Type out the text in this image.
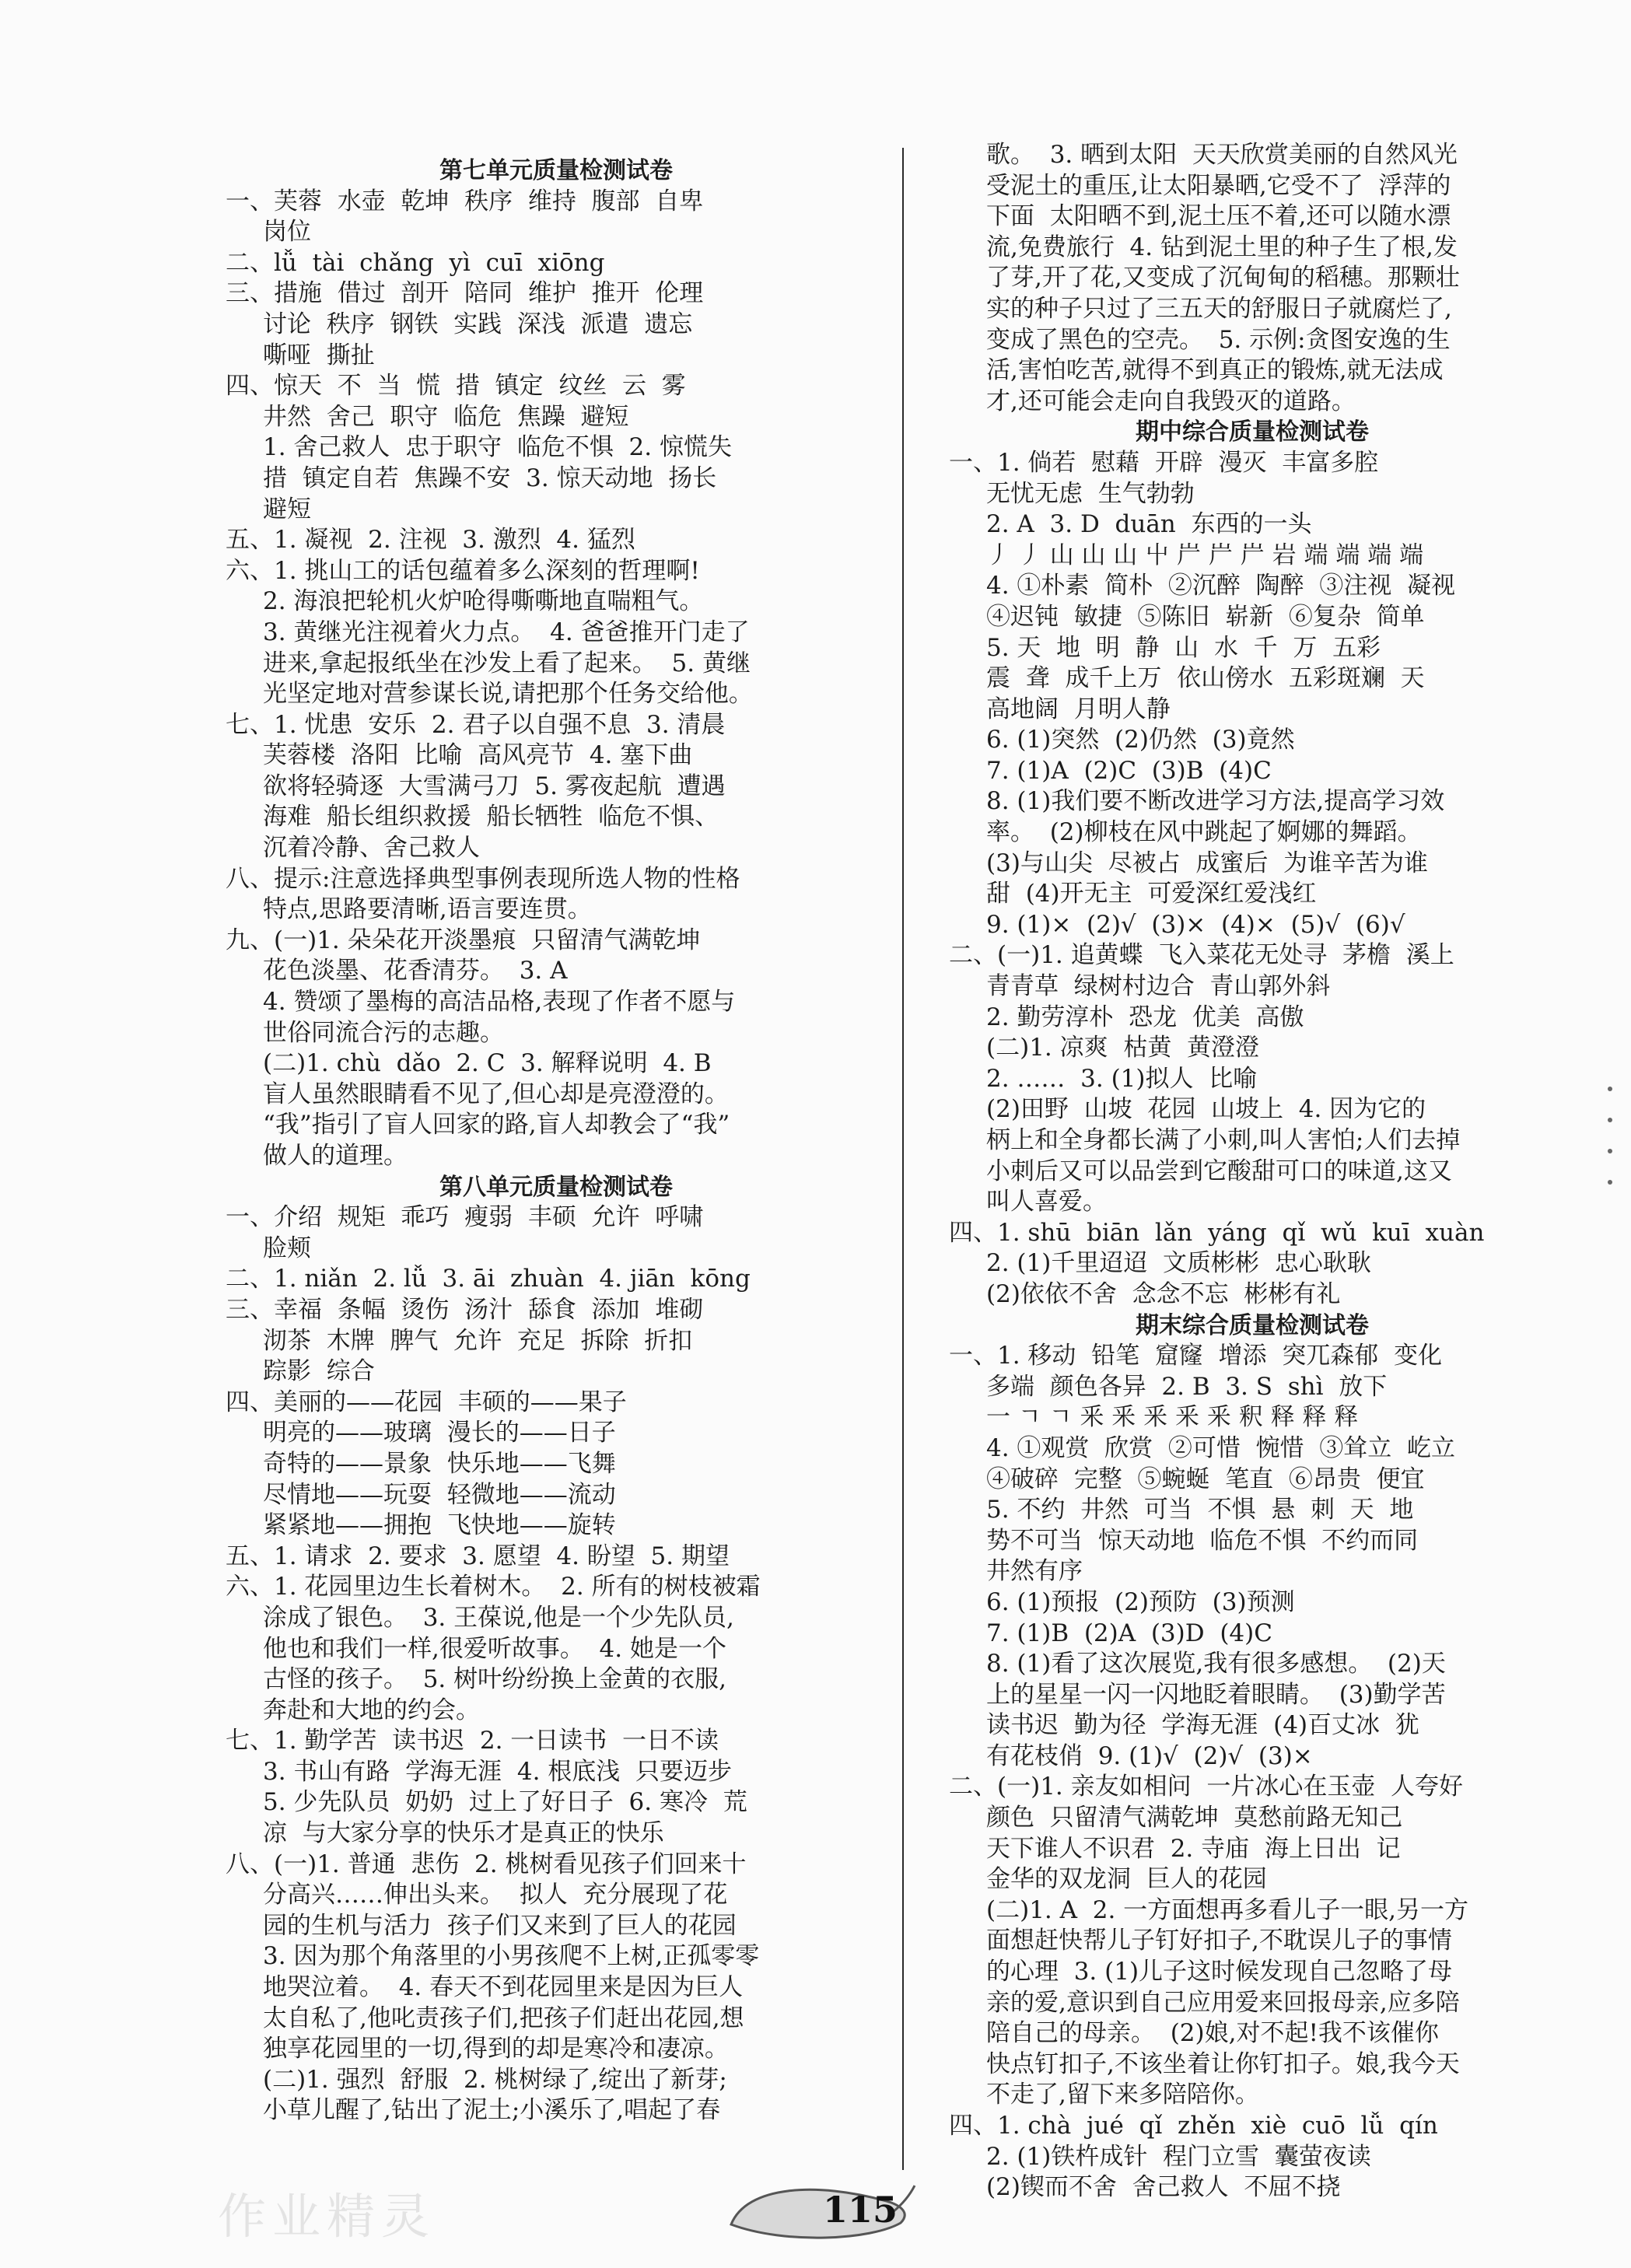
第七单元质量检测试卷
一、芙蓉  水壶  乾坤  秩序  维持  腹部  自卑
岗位
二、lǚ  tài  chǎng  yì  cuī  xiōng
三、措施  借过  剖开  陪同  维护  推开  伦理
讨论  秩序  钢铁  实践  深浅  派遣  遗忘
嘶哑  撕扯
四、惊天  不  当  慌  措  镇定  纹丝  云  雾
井然  舍己  职守  临危  焦躁  避短
1. 舍己救人  忠于职守  临危不惧  2. 惊慌失
措  镇定自若  焦躁不安  3. 惊天动地  扬长
避短
五、1. 凝视  2. 注视  3. 激烈  4. 猛烈
六、1. 挑山工的话包蕴着多么深刻的哲理啊!
2. 海浪把轮机火炉呛得嘶嘶地直喘粗气。
3. 黄继光注视着火力点。  4. 爸爸推开门走了
进来,拿起报纸坐在沙发上看了起来。  5. 黄继
光坚定地对营参谋长说,请把那个任务交给他。
七、1. 忧患  安乐  2. 君子以自强不息  3. 清晨
芙蓉楼  洛阳  比喻  高风亮节  4. 塞下曲
欲将轻骑逐  大雪满弓刀  5. 雾夜起航  遭遇
海难  船长组织救援  船长牺牲  临危不惧、
沉着冷静、舍己救人
八、提示:注意选择典型事例表现所选人物的性格
特点,思路要清晰,语言要连贯。
九、(一)1. 朵朵花开淡墨痕  只留清气满乾坤
花色淡墨、花香清芬。  3. A
4. 赞颂了墨梅的高洁品格,表现了作者不愿与
世俗同流合污的志趣。
(二)1. chù  dǎo  2. C  3. 解释说明  4. B
盲人虽然眼睛看不见了,但心却是亮澄澄的。
“我”指引了盲人回家的路,盲人却教会了“我”
做人的道理。
第八单元质量检测试卷
一、介绍  规矩  乖巧  瘦弱  丰硕  允许  呼啸
脸颊
二、1. niǎn  2. lǚ  3. āi  zhuàn  4. jiān  kōng
三、幸福  条幅  烫伤  汤汁  舔食  添加  堆砌
沏茶  木牌  脾气  允许  充足  拆除  折扣
踪影  综合
四、美丽的——花园  丰硕的——果子
明亮的——玻璃  漫长的——日子
奇特的——景象  快乐地——飞舞
尽情地——玩耍  轻微地——流动
紧紧地——拥抱  飞快地——旋转
五、1. 请求  2. 要求  3. 愿望  4. 盼望  5. 期望
六、1. 花园里边生长着树木。  2. 所有的树枝被霜
涂成了银色。  3. 王葆说,他是一个少先队员,
他也和我们一样,很爱听故事。  4. 她是一个
古怪的孩子。  5. 树叶纷纷换上金黄的衣服,
奔赴和大地的约会。
七、1. 勤学苦  读书迟  2. 一日读书  一日不读
3. 书山有路  学海无涯  4. 根底浅  只要迈步
5. 少先队员  奶奶  过上了好日子  6. 寒冷  荒
凉  与大家分享的快乐才是真正的快乐
八、(一)1. 普通  悲伤  2. 桃树看见孩子们回来十
分高兴……伸出头来。  拟人  充分展现了花
园的生机与活力  孩子们又来到了巨人的花园
3. 因为那个角落里的小男孩爬不上树,正孤零零
地哭泣着。  4. 春天不到花园里来是因为巨人
太自私了,他叱责孩子们,把孩子们赶出花园,想
独享花园里的一切,得到的却是寒冷和凄凉。
(二)1. 强烈  舒服  2. 桃树绿了,绽出了新芽;
小草儿醒了,钻出了泥土;小溪乐了,唱起了春
歌。  3. 晒到太阳  天天欣赏美丽的自然风光
受泥土的重压,让太阳暴晒,它受不了  浮萍的
下面  太阳晒不到,泥土压不着,还可以随水漂
流,免费旅行  4. 钻到泥土里的种子生了根,发
了芽,开了花,又变成了沉甸甸的稻穗。那颗壮
实的种子只过了三五天的舒服日子就腐烂了,
变成了黑色的空壳。  5. 示例:贪图安逸的生
活,害怕吃苦,就得不到真正的锻炼,就无法成
才,还可能会走向自我毁灭的道路。
期中综合质量检测试卷
一、1. 倘若  慰藉  开辟  漫灭  丰富多腔
无忧无虑  生气勃勃
2. A  3. D  duān  东西的一头
丿 丿 山 山 山 屮 屵 屵 屵 岩 端 端 端 端
4. ①朴素  简朴  ②沉醉  陶醉  ③注视  凝视
④迟钝  敏捷  ⑤陈旧  崭新  ⑥复杂  简单
5. 天  地  明  静  山  水  千  万  五彩
震  聋  成千上万  依山傍水  五彩斑斓  天
高地阔  月明人静
6. (1)突然  (2)仍然  (3)竟然
7. (1)A  (2)C  (3)B  (4)C
8. (1)我们要不断改进学习方法,提高学习效
率。  (2)柳枝在风中跳起了婀娜的舞蹈。
(3)与山尖  尽被占  成蜜后  为谁辛苦为谁
甜  (4)开无主  可爱深红爱浅红
9. (1)×  (2)√  (3)×  (4)×  (5)√  (6)√
二、(一)1. 追黄蝶  飞入菜花无处寻  茅檐  溪上
青青草  绿树村边合  青山郭外斜
2. 勤劳淳朴  恐龙  优美  高傲
(二)1. 凉爽  枯黄  黄澄澄
2. ……  3. (1)拟人  比喻
(2)田野  山坡  花园  山坡上  4. 因为它的
柄上和全身都长满了小刺,叫人害怕;人们去掉
小刺后又可以品尝到它酸甜可口的味道,这又
叫人喜爱。
四、1. shū  biān  lǎn  yáng  qǐ  wǔ  kuī  xuàn
2. (1)千里迢迢  文质彬彬  忠心耿耿
(2)依依不舍  念念不忘  彬彬有礼
期末综合质量检测试卷
一、1. 移动  铅笔  窟窿  增添  突兀森郁  变化
多端  颜色各异  2. B  3. S  shì  放下
一 ㄱ ㄱ 釆 釆 釆 釆 釆 釈 释 释 释
4. ①观赏  欣赏  ②可惜  惋惜  ③耸立  屹立
④破碎  完整  ⑤蜿蜒  笔直  ⑥昂贵  便宜
5. 不约  井然  可当  不惧  悬  刺  天  地
势不可当  惊天动地  临危不惧  不约而同
井然有序
6. (1)预报  (2)预防  (3)预测
7. (1)B  (2)A  (3)D  (4)C
8. (1)看了这次展览,我有很多感想。  (2)天
上的星星一闪一闪地眨着眼睛。  (3)勤学苦
读书迟  勤为径  学海无涯  (4)百丈冰  犹
有花枝俏  9. (1)√  (2)√  (3)×
二、(一)1. 亲友如相问  一片冰心在玉壶  人夸好
颜色  只留清气满乾坤  莫愁前路无知己
天下谁人不识君  2. 寺庙  海上日出  记
金华的双龙洞  巨人的花园
(二)1. A  2. 一方面想再多看儿子一眼,另一方
面想赶快帮儿子钉好扣子,不耽误儿子的事情
的心理  3. (1)儿子这时候发现自己忽略了母
亲的爱,意识到自己应用爱来回报母亲,应多陪
陪自己的母亲。  (2)娘,对不起!我不该催你
快点钉扣子,不该坐着让你钉扣子。娘,我今天
不走了,留下来多陪陪你。
四、1. chà  jué  qǐ  zhěn  xiè  cuō  lǚ  qín
2. (1)铁杵成针  程门立雪  囊萤夜读
(2)锲而不舍  舍己救人  不屈不挠
作业精灵	115
